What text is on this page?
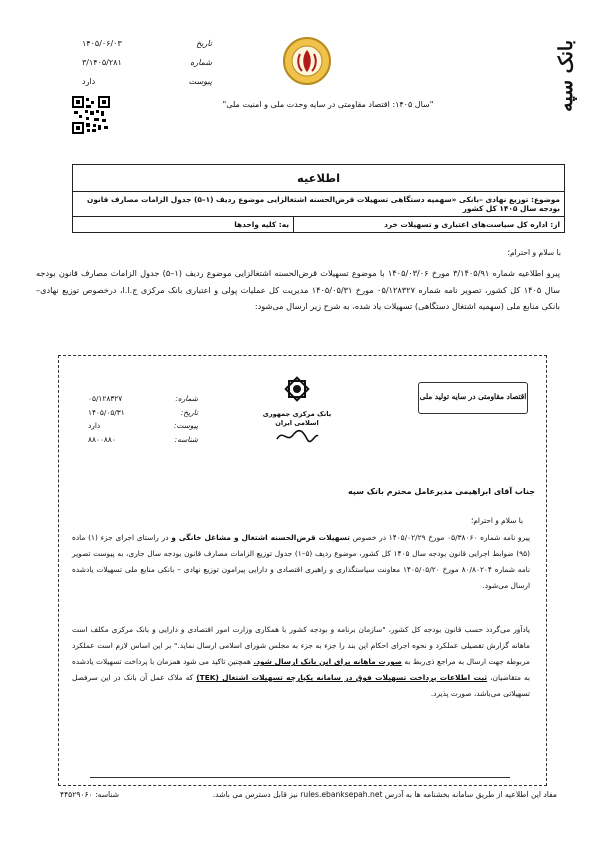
بانک سپه
تاریخ
۱۴۰۵/۰۶/۰۳
شماره
۳/۱۴۰۵/۲۸۱
پیوست
دارد
"سال ۱۴۰۵: اقتصاد مقاومتی در سایه وحدت ملی و امنیت ملی"
اطلاعیه
موضوع: توزیع نهادی –بانکی «سهمیه دستگاهی تسهیلات قرض‌الحسنه اشتغالزایی موضوع ردیف (۱–۵) جدول الزامات مصارف قانون بودجه سال ۱۴۰۵ کل کشور
از: اداره کل سیاست‌های اعتباری و تسهیلات خرد
به: کلیه واحدها
با سلام و احترام؛
پیرو اطلاعیه شماره ۳/۱۴۰۵/۹۱ مورخ ۱۴۰۵/۰۳/۰۶ با موضوع تسهیلات قرض‌الحسنه اشتغالزایی موضوع ردیف (۱–۵) جدول الزامات مصارف قانون بودجه سال ۱۴۰۵ کل کشور، تصویر نامه شماره ۰۵/۱۲۸۳۲۷ مورخ ۱۴۰۵/۰۵/۳۱ مدیریت کل عملیات پولی و اعتباری بانک مرکزی ج.ا.ا، درخصوص توزیع نهادی–بانکی منابع ملی (سهمیه اشتغال دستگاهی) تسهیلات یاد شده، به شرح زیر ارسال می‌شود:
اقتصاد مقاومتی در سایه تولید ملی
بانک مرکزی جمهوری اسلامی ایران
شماره:
۰۵/۱۲۸۳۲۷
تاریخ:
۱۴۰۵/۰۵/۳۱
پیوست:
دارد
شناسه:
۸۸۰۰۸۸۰
جناب آقای ابراهیمی مدیرعامل محترم بانک سپه
با سلام و احترام؛
پیرو نامه شماره ۰۵/۳۸۰۶۰ مورخ ۱۴۰۵/۰۲/۲۹ در خصوص تسهیلات قرض‌الحسنه اشتغال و مشاغل خانگی و در راستای اجرای جزء (۱) ماده (۹۵) ضوابط اجرایی قانون بودجه سال ۱۴۰۵ کل کشور، موضوع ردیف (۵–۱) جدول توزیع الزامات مصارف قانون بودجه سال جاری، به پیوست تصویر نامه شماره ۸۰/۸۰۲۰۴ مورخ ۱۴۰۵/۰۵/۲۰ معاونت سیاستگذاری و راهبری اقتصادی و دارایی پیرامون توزیع نهادی – بانکی منابع ملی تسهیلات یادشده ارسال می‌شود.
یادآور می‌گردد حسب قانون بودجه کل کشور، "سازمان برنامه و بودجه کشور با همکاری وزارت امور اقتصادی و دارایی و بانک مرکزی مکلف است ماهانه گزارش تفصیلی عملکرد و نحوه اجرای احکام این بند را جزء به جزء به مجلس شورای اسلامی ارسال نماید." بر این اساس لازم است عملکرد مربوطه جهت ارسال به مراجع ذی‌ربط به صورت ماهانه برای این بانک ارسال شود. همچنین تاکید می شود همزمان با پرداخت تسهیلات یادشده به متقاضیان، ثبت اطلاعات پرداخت تسهیلات فوق در سامانه یکپارچه تسهیلات اشتغال (TEK) که ملاک عمل آن بانک در این سرفصل تسهیلاتی می‌باشد، صورت پذیرد.
مفاد این اطلاعیه از طریق سامانه بخشنامه ها به آدرس rules.ebanksepah.net نیز قابل دسترس می باشد.
شناسه: ۴۴۵۲۹۰۶۰
